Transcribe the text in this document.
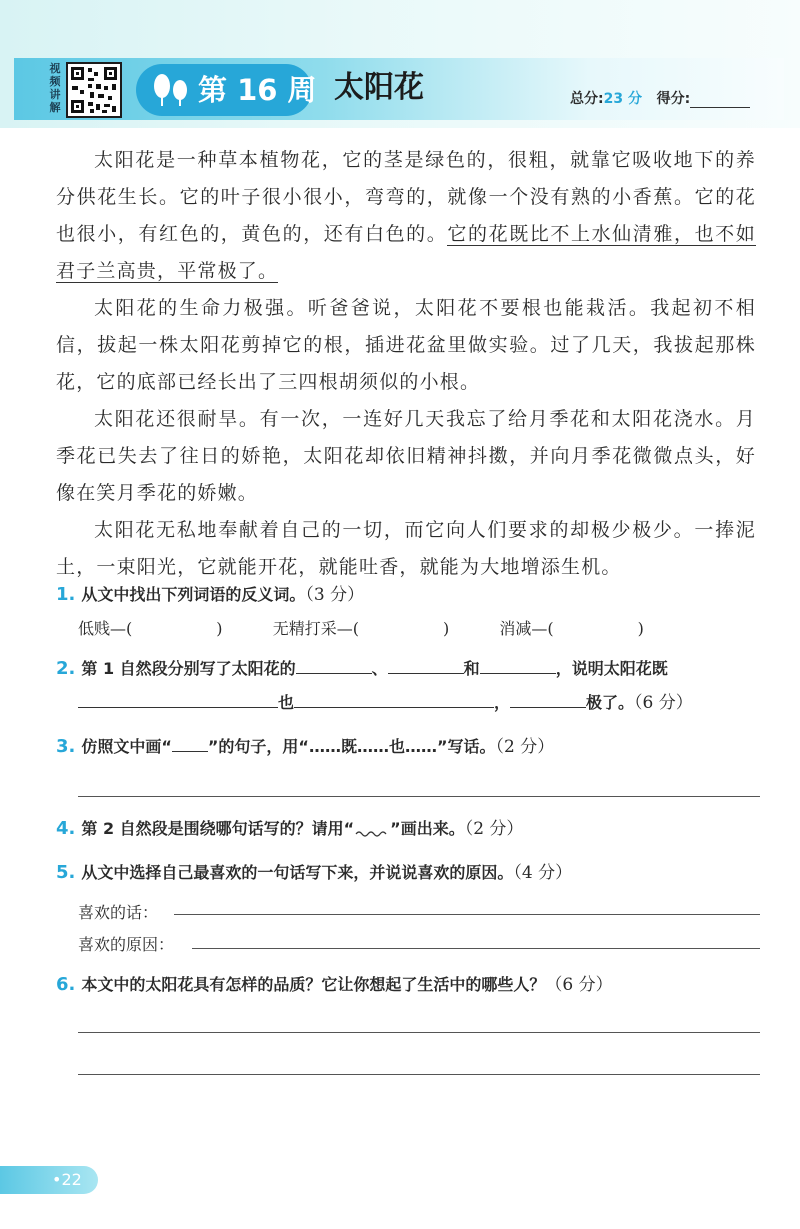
视
频
讲
解
第 16 周 太阳花	总分:23 分 得分:

太阳花是一种草本植物花，它的茎是绿色的，很粗，就靠它吸收地下的养分供花生长。它的叶子很小很小，弯弯的，就像一个没有熟的小香蕉。它的花也很小，有红色的，黄色的，还有白色的。它的花既比不上水仙清雅，也不如君子兰高贵，平常极了。

太阳花的生命力极强。听爸爸说，太阳花不要根也能栽活。我起初不相信，拔起一株太阳花剪掉它的根，插进花盆里做实验。过了几天，我拔起那株花，它的底部已经长出了三四根胡须似的小根。

太阳花还很耐旱。有一次，一连好几天我忘了给月季花和太阳花浇水。月季花已失去了往日的娇艳，太阳花却依旧精神抖擞，并向月季花微微点头，好像在笑月季花的娇嫩。

太阳花无私地奉献着自己的一切，而它向人们要求的却极少极少。一捧泥土，一束阳光，它就能开花，就能吐香，就能为大地增添生机。

1. 从文中找出下列词语的反义词。（3 分）
低贱—(	)	无精打采—(	)	消减—(	)
2. 第 1 自然段分别写了太阳花的	、	和	，说明太阳花既
也	，	极了。（6 分）
3. 仿照文中画“ ”的句子，用“……既……也……”写话。（2 分）
4. 第 2 自然段是围绕哪句话写的？请用“ ”画出来。（2 分）
5. 从文中选择自己最喜欢的一句话写下来，并说说喜欢的原因。（4 分）
喜欢的话：
喜欢的原因：
6. 本文中的太阳花具有怎样的品质？它让你想起了生活中的哪些人？（6 分）
•22
